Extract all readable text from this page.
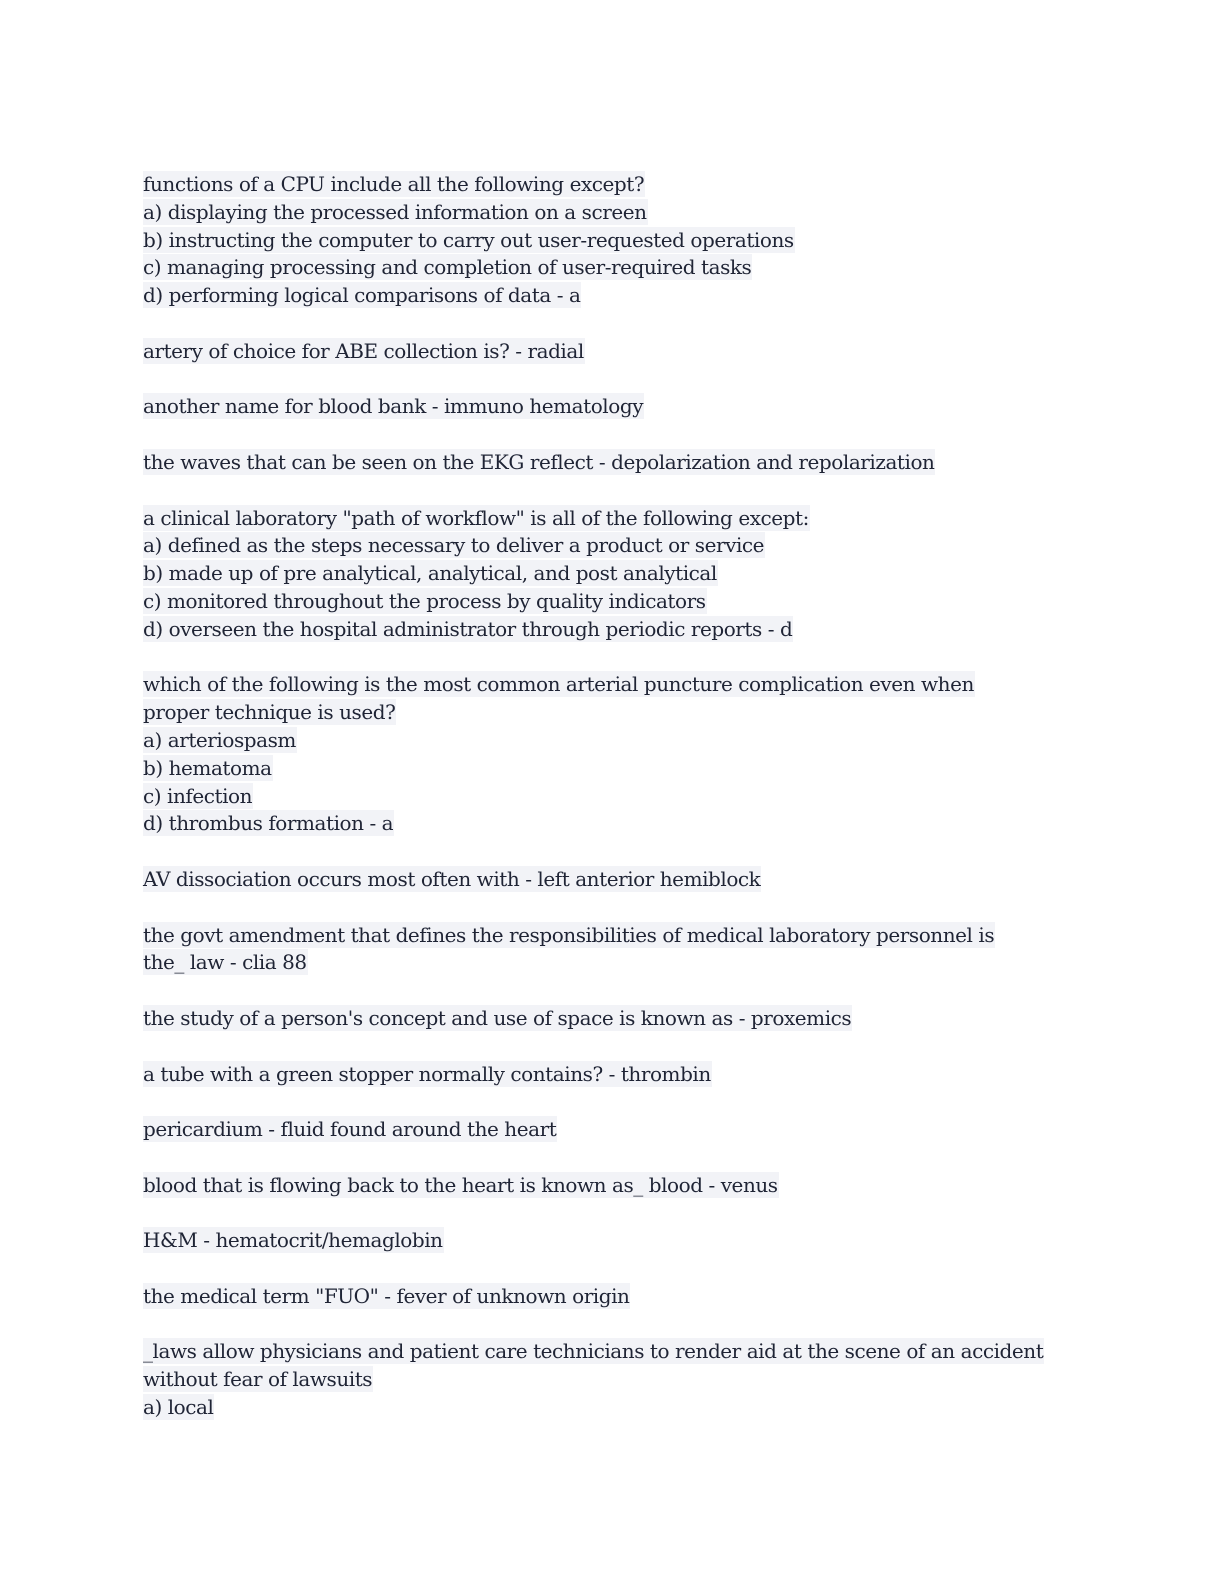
functions of a CPU include all the following except?
a) displaying the processed information on a screen
b) instructing the computer to carry out user-requested operations
c) managing processing and completion of user-required tasks
d) performing logical comparisons of data - a
artery of choice for ABE collection is? - radial
another name for blood bank - immuno hematology
the waves that can be seen on the EKG reflect - depolarization and repolarization
a clinical laboratory "path of workflow" is all of the following except:
a) defined as the steps necessary to deliver a product or service
b) made up of pre analytical, analytical, and post analytical
c) monitored throughout the process by quality indicators
d) overseen the hospital administrator through periodic reports - d
which of the following is the most common arterial puncture complication even when
proper technique is used?
a) arteriospasm
b) hematoma
c) infection
d) thrombus formation - a
AV dissociation occurs most often with - left anterior hemiblock
the govt amendment that defines the responsibilities of medical laboratory personnel is
the_ law - clia 88
the study of a person's concept and use of space is known as - proxemics
a tube with a green stopper normally contains? - thrombin
pericardium - fluid found around the heart
blood that is flowing back to the heart is known as_ blood - venus
H&M - hematocrit/hemaglobin
the medical term "FUO" - fever of unknown origin
_laws allow physicians and patient care technicians to render aid at the scene of an accident
without fear of lawsuits
a) local
